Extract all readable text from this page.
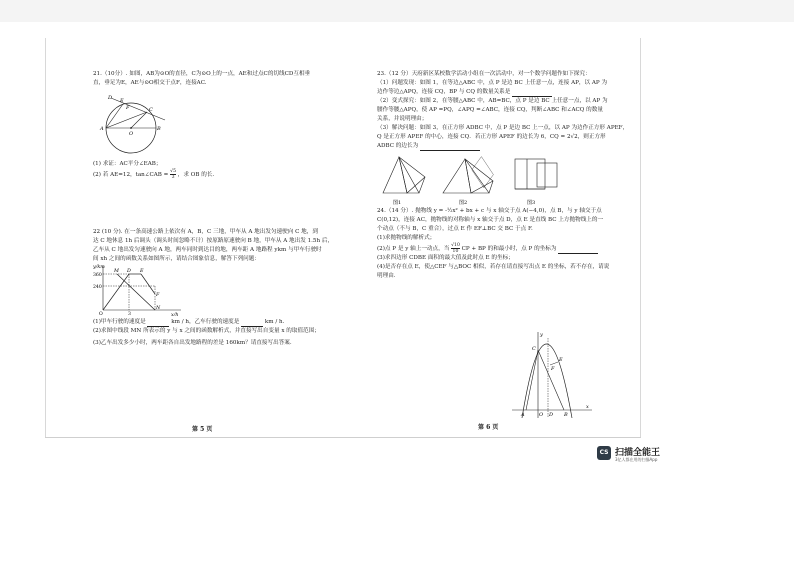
21.（10分）. 如图，AB为⊙O的直径，C为⊙O上的一点，AE和过点C的切线CD互相垂

直，垂足为E，AE与⊙O相交于点F，连接AC.

D E
F	C
A
O
B

(1) 求证：AC平分∠EAB；

(2) 若 AE=12，tan∠CAB = $\frac{√5}{3}$ ，求 OB 的长.

22 (10 分). 在一条高速公路上依次有 A，B，C 三地，甲车从 A 地出发匀速驶向 C 地，到

达 C 地休息 1h 后调头（调头时间忽略不计）按原路原速驶向 B 地，甲车从 A 地出发 1.5h 后，

乙车从 C 地出发匀速驶向 A 地，两车同时到达目的地，两车距 A 地路程 ykm 与甲车行驶时

间 xh 之间的函数关系如图所示，请结合图象信息，解答下列问题：

y/km
x/h
360
240
O	3
M D E
N
F

(1)甲车行驶的速度是	km / h，乙车行驶的速度是	km / h.

(2)求图中线段 MN 所表示的 y 与 x 之间的函数解析式，并直接写出自变量 x 的取值范围；

(3)乙车出发多少小时，两车距各自出发地路程的差是 160km？请直接写出答案.

第 5 页

23.（12 分）天府新区某校数学活动小组在一次活动中，对一个数学问题作如下探究：

（1）问题发现：如图 1，在等边△ABC 中，点 P 是边 BC 上任意一点，连接 AP，以 AP 为

边作等边△APQ，连接 CQ，BP 与 CQ 的数量关系是

（2）变式探究：如图 2，在等腰△ABC 中，AB=BC，点 P 是边 BC 上任意一点，以 AP 为

腰作等腰△APQ，使 AP =PQ，∠APQ =∠ABC，连接 CQ，判断∠ABC 和∠ACQ 的数量

关系，并说明理由；

（3）解决问题：如图 3，在正方形 ADBC 中，点 P 是边 BC 上一点，以 AP 为边作正方形 APEF，

Q 是正方形 APEF 的中心，连接 CQ．若正方形 APEF 的边长为 6，CQ = 2√2，则正方形

ADBC 的边长为

图1	图2	图3

24.（14 分）. 抛物线 y = -½x² + bx + c 与 x 轴交于点 A(−4,0)，点 B，与 y 轴交于点

C(0,12)，连接 AC，抛物线的对称轴与 x 轴交于点 D，点 E 是直线 BC 上方抛物线上的一

个动点（不与 B，C 重合），过点 E 作 EF⊥BC 交 BC 于点 F.

(1)求抛物线的解析式；

(2)点 P 是 y 轴上一动点，当 $\frac{√10}{10}$ CP + BP 的和最小时，点 P 的坐标为

(3)求四边形 CDBE 面积的最大值及此时点 E 的坐标；

(4)是否存在点 E，使△CEF 与△BOC 相似，若存在请直接写出点 E 的坐标，若不存在，请说

明理由．

C
E
F
A	O D B
x
y
第 6 页
CS 扫描全能王
3亿人都在用的扫描App
